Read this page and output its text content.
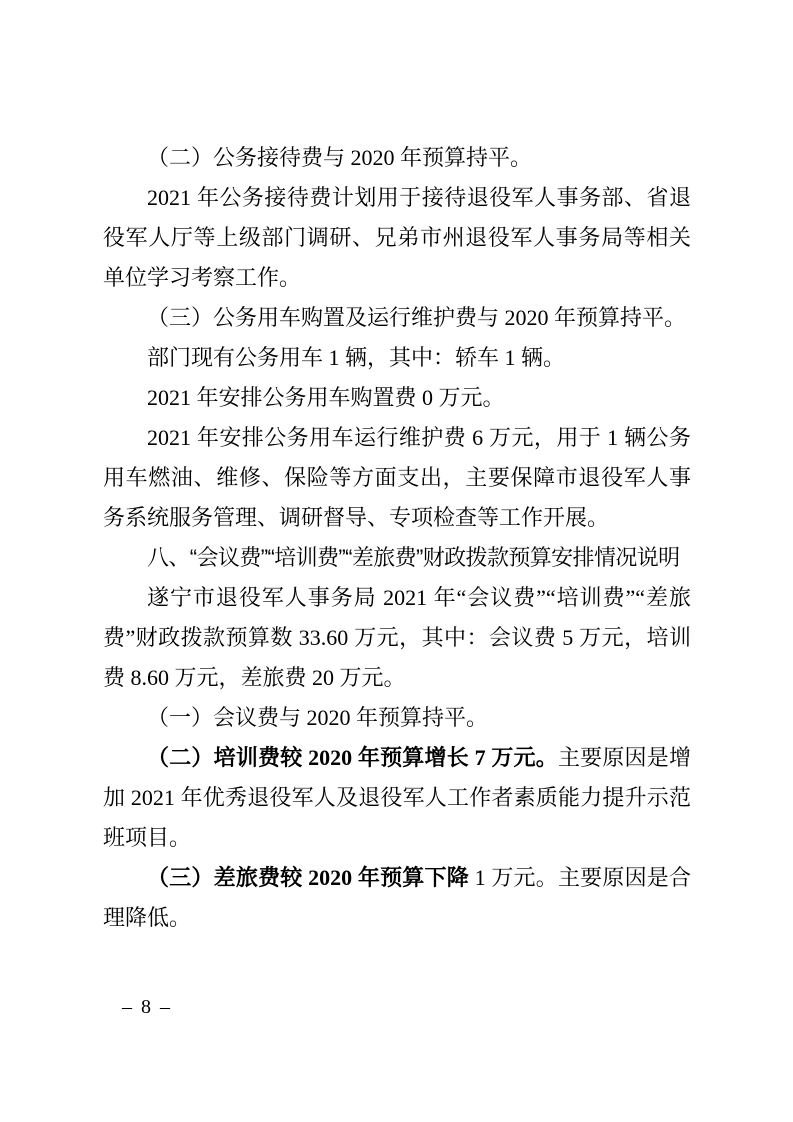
（二）公务接待费与 2020 年预算持平。

2021 年公务接待费计划用于接待退役军人事务部、省退役军人厅等上级部门调研、兄弟市州退役军人事务局等相关单位学习考察工作。

（三）公务用车购置及运行维护费与 2020 年预算持平。

部门现有公务用车 1 辆，其中：轿车 1 辆。

2021 年安排公务用车购置费 0 万元。

2021 年安排公务用车运行维护费 6 万元，用于 1 辆公务用车燃油、维修、保险等方面支出，主要保障市退役军人事务系统服务管理、调研督导、专项检查等工作开展。

八、“会议费”“培训费”“差旅费”财政拨款预算安排情况说明

遂宁市退役军人事务局 2021 年“会议费”“培训费”“差旅费”财政拨款预算数 33.60 万元，其中：会议费 5 万元，培训费 8.60 万元，差旅费 20 万元。

（一）会议费与 2020 年预算持平。

（二）培训费较 2020 年预算增长 7 万元。主要原因是增加 2021 年优秀退役军人及退役军人工作者素质能力提升示范班项目。

（三）差旅费较 2020 年预算下降 1 万元。主要原因是合理降低。

– 8 –
